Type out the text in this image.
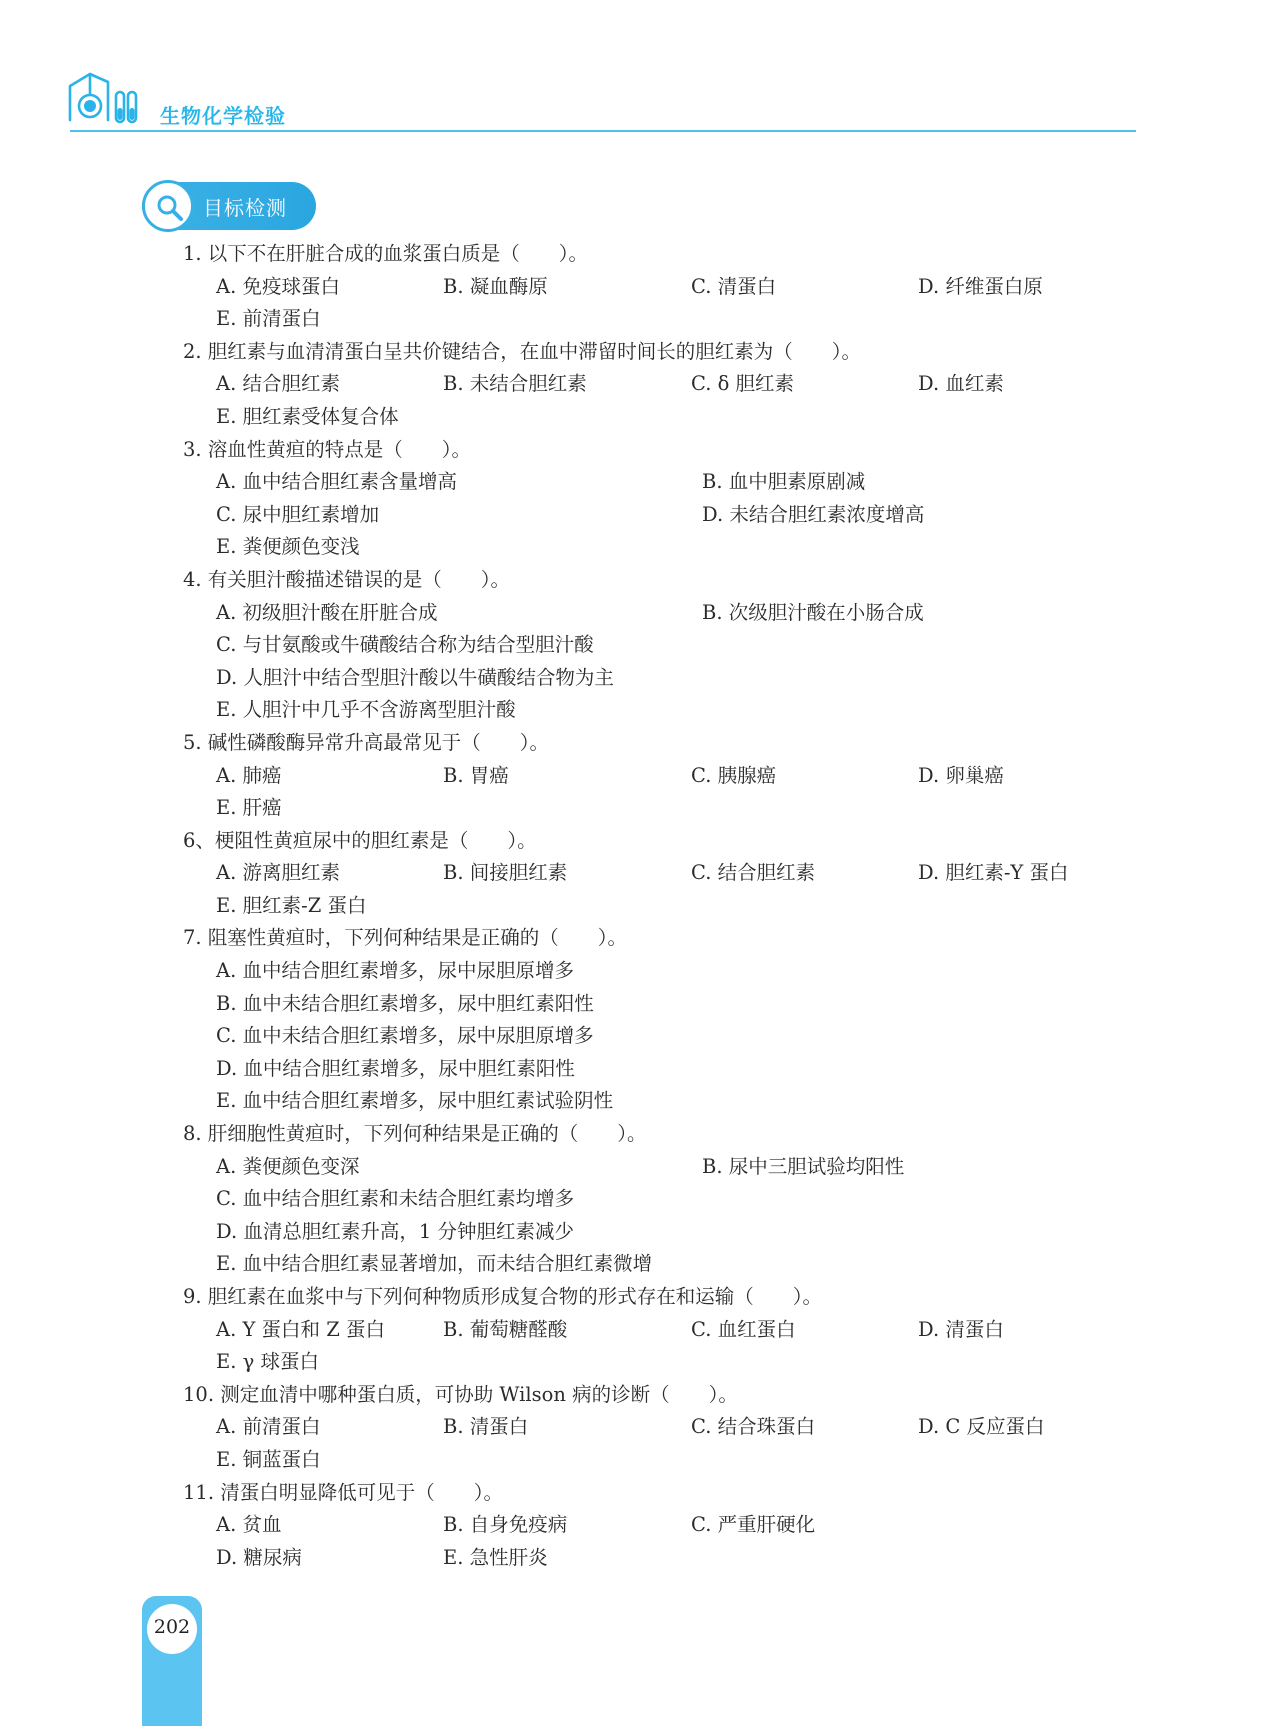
生物化学检验
目标检测
1. 以下不在肝脏合成的血浆蛋白质是（　　）。
A. 免疫球蛋白	B. 凝血酶原	C. 清蛋白	D. 纤维蛋白原
E. 前清蛋白
2. 胆红素与血清清蛋白呈共价键结合，在血中滞留时间长的胆红素为（　　）。
A. 结合胆红素	B. 未结合胆红素	C. δ 胆红素	D. 血红素
E. 胆红素受体复合体
3. 溶血性黄疸的特点是（　　）。
A. 血中结合胆红素含量增高	B. 血中胆素原剧减
C. 尿中胆红素增加	D. 未结合胆红素浓度增高
E. 粪便颜色变浅
4. 有关胆汁酸描述错误的是（　　）。
A. 初级胆汁酸在肝脏合成	B. 次级胆汁酸在小肠合成
C. 与甘氨酸或牛磺酸结合称为结合型胆汁酸
D. 人胆汁中结合型胆汁酸以牛磺酸结合物为主
E. 人胆汁中几乎不含游离型胆汁酸
5. 碱性磷酸酶异常升高最常见于（　　）。
A. 肺癌	B. 胃癌	C. 胰腺癌	D. 卵巢癌
E. 肝癌
6、梗阻性黄疸尿中的胆红素是（　　）。
A. 游离胆红素	B. 间接胆红素	C. 结合胆红素	D. 胆红素-Y 蛋白
E. 胆红素-Z 蛋白
7. 阻塞性黄疸时，下列何种结果是正确的（　　）。
A. 血中结合胆红素增多，尿中尿胆原增多
B. 血中未结合胆红素增多，尿中胆红素阳性
C. 血中未结合胆红素增多，尿中尿胆原增多
D. 血中结合胆红素增多，尿中胆红素阳性
E. 血中结合胆红素增多，尿中胆红素试验阴性
8. 肝细胞性黄疸时，下列何种结果是正确的（　　）。
A. 粪便颜色变深	B. 尿中三胆试验均阳性
C. 血中结合胆红素和未结合胆红素均增多
D. 血清总胆红素升高，1 分钟胆红素减少
E. 血中结合胆红素显著增加，而未结合胆红素微增
9. 胆红素在血浆中与下列何种物质形成复合物的形式存在和运输（　　）。
A. Y 蛋白和 Z 蛋白	B. 葡萄糖醛酸	C. 血红蛋白	D. 清蛋白
E. γ 球蛋白
10. 测定血清中哪种蛋白质，可协助 Wilson 病的诊断（　　）。
A. 前清蛋白	B. 清蛋白	C. 结合珠蛋白	D. C 反应蛋白
E. 铜蓝蛋白
11. 清蛋白明显降低可见于（　　）。
A. 贫血	B. 自身免疫病	C. 严重肝硬化
D. 糖尿病	E. 急性肝炎
202
